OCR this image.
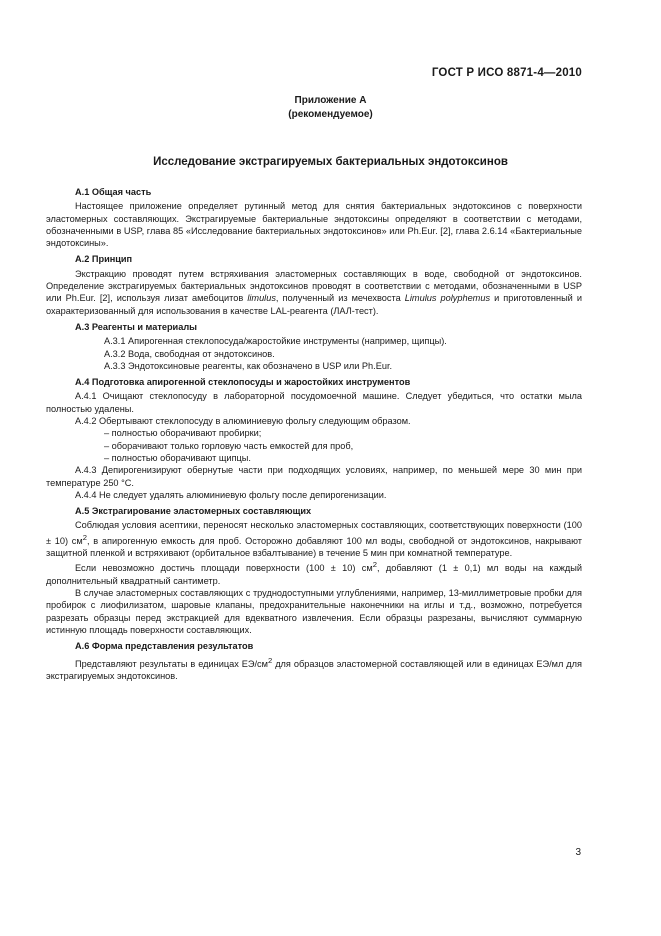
ГОСТ Р ИСО 8871-4—2010
Приложение А
(рекомендуемое)
Исследование экстрагируемых бактериальных эндотоксинов
А.1 Общая часть

Настоящее приложение определяет рутинный метод для снятия бактериальных эндотоксинов с поверхности эластомерных составляющих. Экстрагируемые бактериальные эндотоксины определяют в соответствии с методами, обозначенными в USP, глава 85 «Исследование бактериальных эндотоксинов» или Ph.Eur. [2], глава 2.6.14 «Бактериальные эндотоксины».

А.2 Принцип

Экстракцию проводят путем встряхивания эластомерных составляющих в воде, свободной от эндотоксинов. Определение экстрагируемых бактериальных эндотоксинов проводят в соответствии с методами, обозначенными в USP или Ph.Eur. [2], используя лизат амебоцитов limulus, полученный из мечехвоста Limulus polyphemus и приготовленный и охарактеризованный для использования в качестве LAL-реагента (ЛАЛ-тест).

А.3 Реагенты и материалы

А.3.1 Апирогенная стеклопосуда/жаростойкие инструменты (например, щипцы).

А.3.2 Вода, свободная от эндотоксинов.

А.3.3 Эндотоксиновые реагенты, как обозначено в USP или Ph.Eur.

А.4 Подготовка апирогенной стеклопосуды и жаростойких инструментов

А.4.1 Очищают стеклопосуду в лабораторной посудомоечной машине. Следует убедиться, что остатки мыла полностью удалены.

А.4.2 Обертывают стеклопосуду в алюминиевую фольгу следующим образом.

– полностью оборачивают пробирки;

– оборачивают только горловую часть емкостей для проб,

– полностью оборачивают щипцы.

А.4.3 Депирогенизируют обернутые части при подходящих условиях, например, по меньшей мере 30 мин при температуре 250 °С.

А.4.4 Не следует удалять алюминиевую фольгу после депирогенизации.

А.5 Экстрагирование эластомерных составляющих

Соблюдая условия асептики, переносят несколько эластомерных составляющих, соответствующих поверхности (100 ± 10) $см^2$, в апирогенную емкость для проб. Осторожно добавляют 100 мл воды, свободной от эндотоксинов, накрывают защитной пленкой и встряхивают (орбитальное взбалтывание) в течение 5 мин при комнатной температуре.

Если невозможно достичь площади поверхности (100 ± 10) $см^2$, добавляют (1 ± 0,1) мл воды на каждый дополнительный квадратный сантиметр.

В случае эластомерных составляющих с труднодоступными углублениями, например, 13-миллиметровые пробки для пробирок с лиофилизатом, шаровые клапаны, предохранительные наконечники на иглы и т.д., возможно, потребуется разрезать образцы перед экстракцией для вдекватного извлечения. Если образцы разрезаны, вычисляют суммарную истинную площадь поверхности составляющих.

А.6 Форма представления результатов

Представляют результаты в единицах $ЕЭ/см^2$ для образцов эластомерной составляющей или в единицах ЕЭ/мл для экстрагируемых эндотоксинов.

3
